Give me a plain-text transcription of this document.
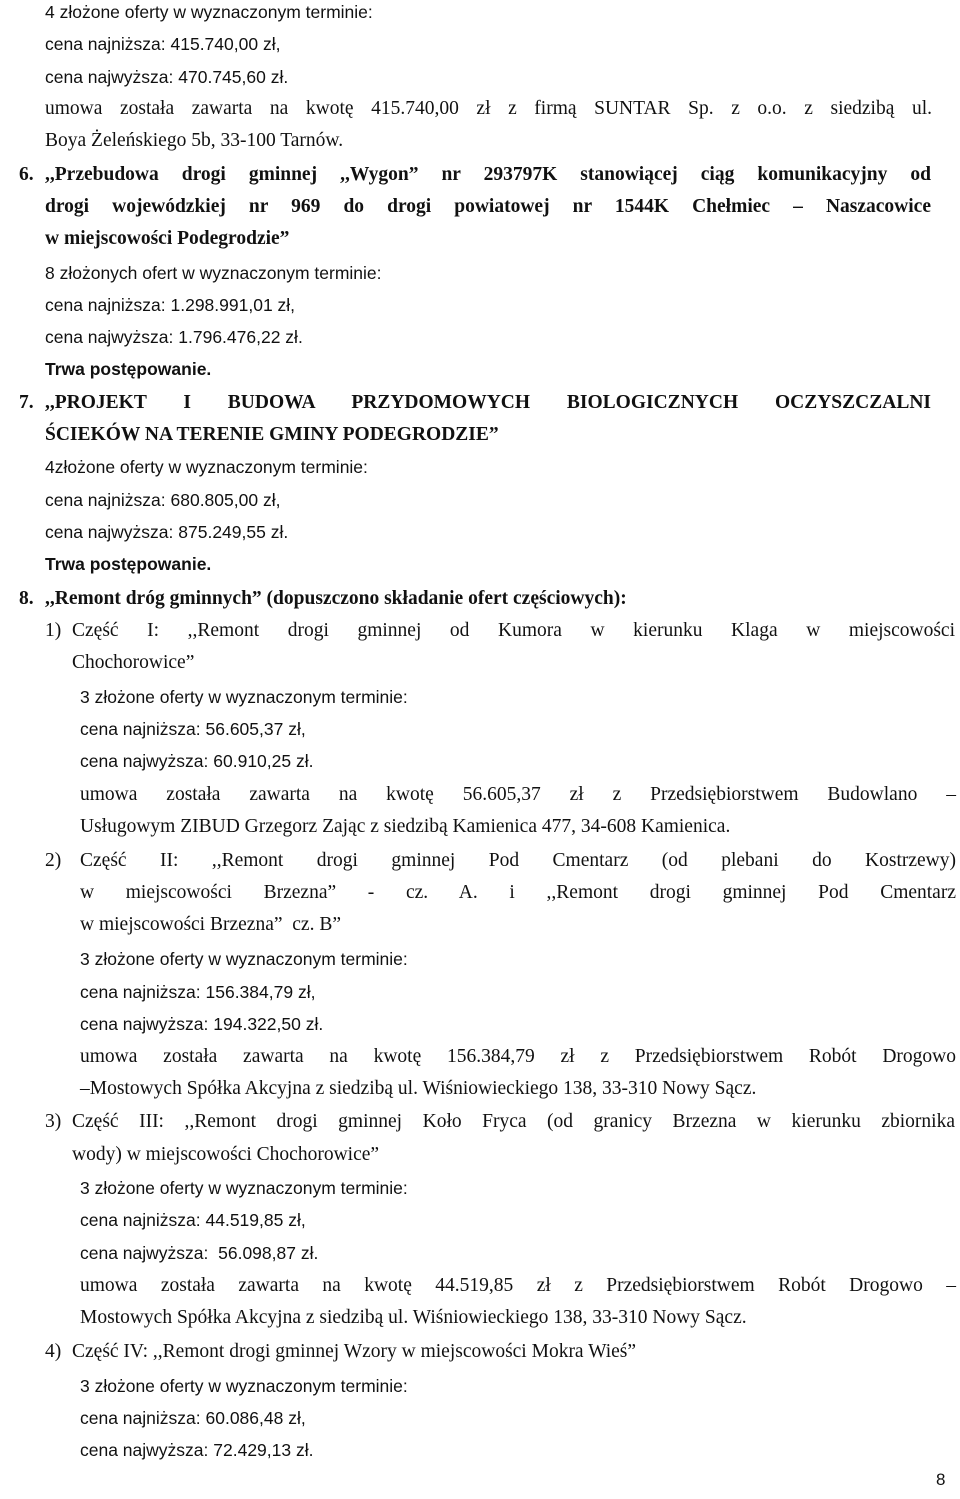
4 złożone oferty w wyznaczonym terminie:
cena najniższa: 415.740,00 zł,
cena najwyższa: 470.745,60 zł.
umowa została zawarta na kwotę 415.740,00 zł z firmą SUNTAR Sp. z o.o. z siedzibą ul.
Boya Żeleńskiego 5b, 33-100 Tarnów.
6. ,,Przebudowa drogi gminnej ,,Wygon” nr 293797K stanowiącej ciąg komunikacyjny od
drogi wojewódzkiej nr 969 do drogi powiatowej nr 1544K Chełmiec – Naszacowice
w miejscowości Podegrodzie”
8 złożonych ofert w wyznaczonym terminie:
cena najniższa: 1.298.991,01 zł,
cena najwyższa: 1.796.476,22 zł.
Trwa postępowanie.
7. ,,PROJEKT I BUDOWA PRZYDOMOWYCH BIOLOGICZNYCH OCZYSZCZALNI
ŚCIEKÓW NA TERENIE GMINY PODEGRODZIE”
4złożone oferty w wyznaczonym terminie:
cena najniższa: 680.805,00 zł,
cena najwyższa: 875.249,55 zł.
Trwa postępowanie.
8. ,,Remont dróg gminnych” (dopuszczono składanie ofert częściowych):
1) Część I: ,,Remont drogi gminnej od Kumora w kierunku Klaga w miejscowości
Chochorowice”
3 złożone oferty w wyznaczonym terminie:
cena najniższa: 56.605,37 zł,
cena najwyższa: 60.910,25 zł.
umowa została zawarta na kwotę 56.605,37 zł z Przedsiębiorstwem Budowlano –
Usługowym ZIBUD Grzegorz Zając z siedzibą Kamienica 477, 34-608 Kamienica.
2) Część II: ,,Remont drogi gminnej Pod Cmentarz (od plebani do Kostrzewy)
w miejscowości Brzezna” - cz. A. i ,,Remont drogi gminnej Pod Cmentarz
w miejscowości Brzezna”  cz. B”
3 złożone oferty w wyznaczonym terminie:
cena najniższa: 156.384,79 zł,
cena najwyższa: 194.322,50 zł.
umowa została zawarta na kwotę 156.384,79 zł z Przedsiębiorstwem Robót Drogowo
–Mostowych Spółka Akcyjna z siedzibą ul. Wiśniowieckiego 138, 33-310 Nowy Sącz.
3) Część III: ,,Remont drogi gminnej Koło Fryca (od granicy Brzezna w kierunku zbiornika
wody) w miejscowości Chochorowice”
3 złożone oferty w wyznaczonym terminie:
cena najniższa: 44.519,85 zł,
cena najwyższa:  56.098,87 zł.
umowa została zawarta na kwotę 44.519,85 zł z Przedsiębiorstwem Robót Drogowo –
Mostowych Spółka Akcyjna z siedzibą ul. Wiśniowieckiego 138, 33-310 Nowy Sącz.
4) Część IV: ,,Remont drogi gminnej Wzory w miejscowości Mokra Wieś”
3 złożone oferty w wyznaczonym terminie:
cena najniższa: 60.086,48 zł,
cena najwyższa: 72.429,13 zł.
8
